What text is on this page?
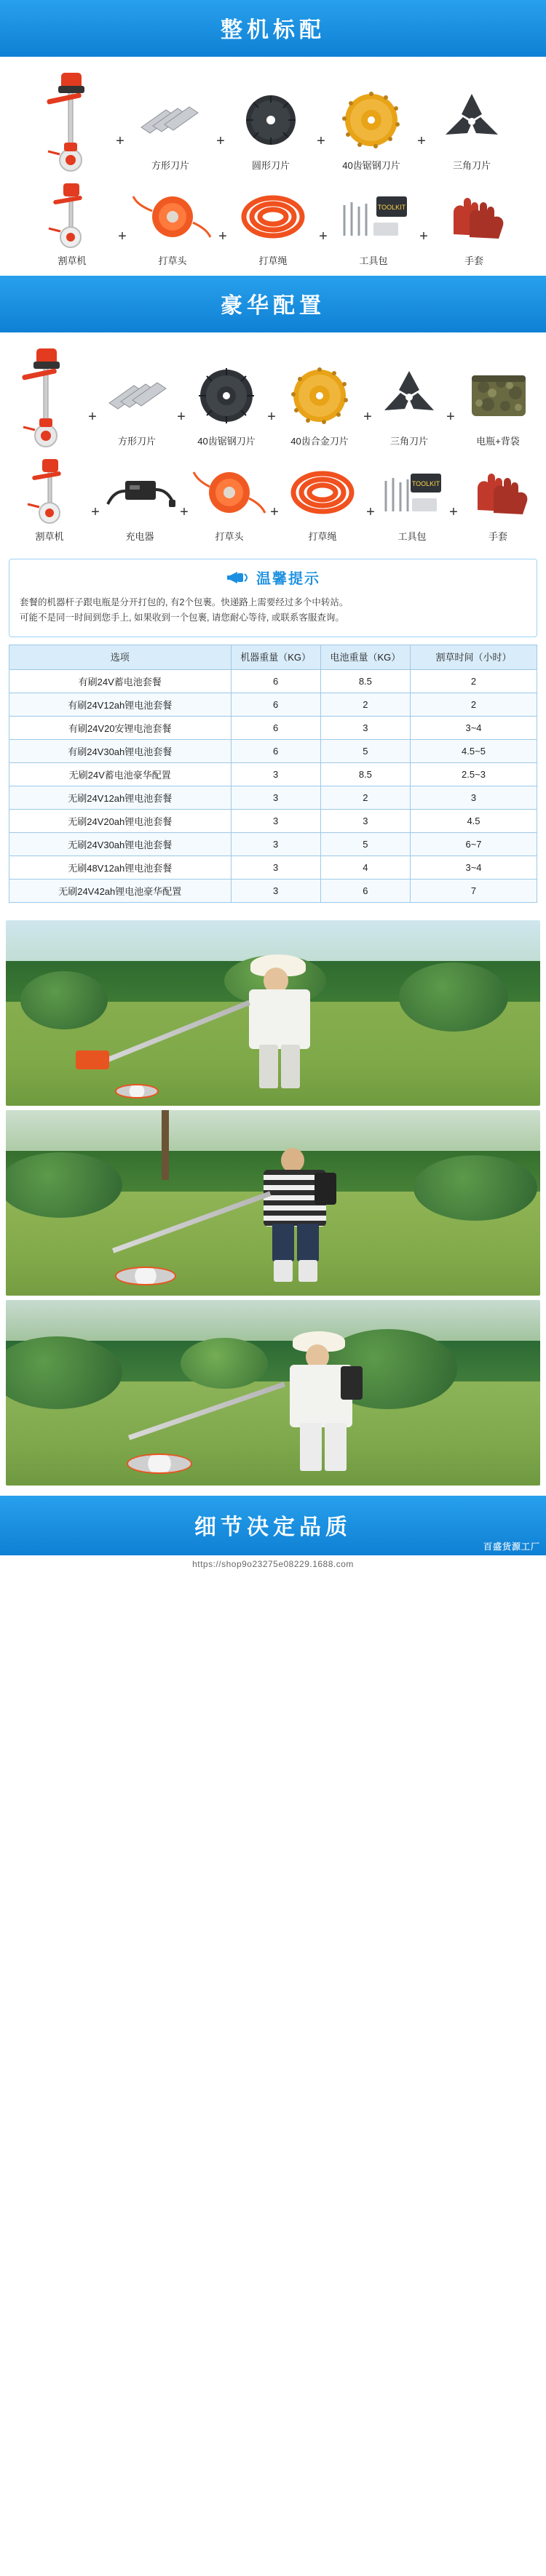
整机标配
+
方形刀片
+
圆形刀片
+
40齿锯钢刀片
+
三角刀片
割草机
+
打草头
+
打草绳
+
TOOLKIT
工具包
+
手套
豪华配置
+
方形刀片
+
40齿锯钢刀片
+
40齿合金刀片
+
三角刀片
+
电瓶+背袋
割草机
+
充电器
+
打草头
+
打草绳
+
TOOLKIT
工具包
+
手套
温馨提示
套餐的机器杆子跟电瓶是分开打包的, 有2个包裹。快递路上需要经过多个中转站。
可能不是同一时间到您手上, 如果收到一个包裹, 请您耐心等待, 或联系客服查询。
选项	机器重量（KG）	电池重量（KG）	割草时间（小时）
有刷24V蓄电池套餐	6	8.5	2
有刷24V12ah锂电池套餐	6	2	2
有刷24V20安锂电池套餐	6	3	3~4
有刷24V30ah锂电池套餐	6	5	4.5~5
无刷24V蓄电池豪华配置	3	8.5	2.5~3
无刷24V12ah锂电池套餐	3	2	3
无刷24V20ah锂电池套餐	3	3	4.5
无刷24V30ah锂电池套餐	3	5	6~7
无刷48V12ah锂电池套餐	3	4	3~4
无刷24V42ah锂电池豪华配置	3	6	7
细节决定品质
百盛货源工厂
https://shop9o23275e08229.1688.com
